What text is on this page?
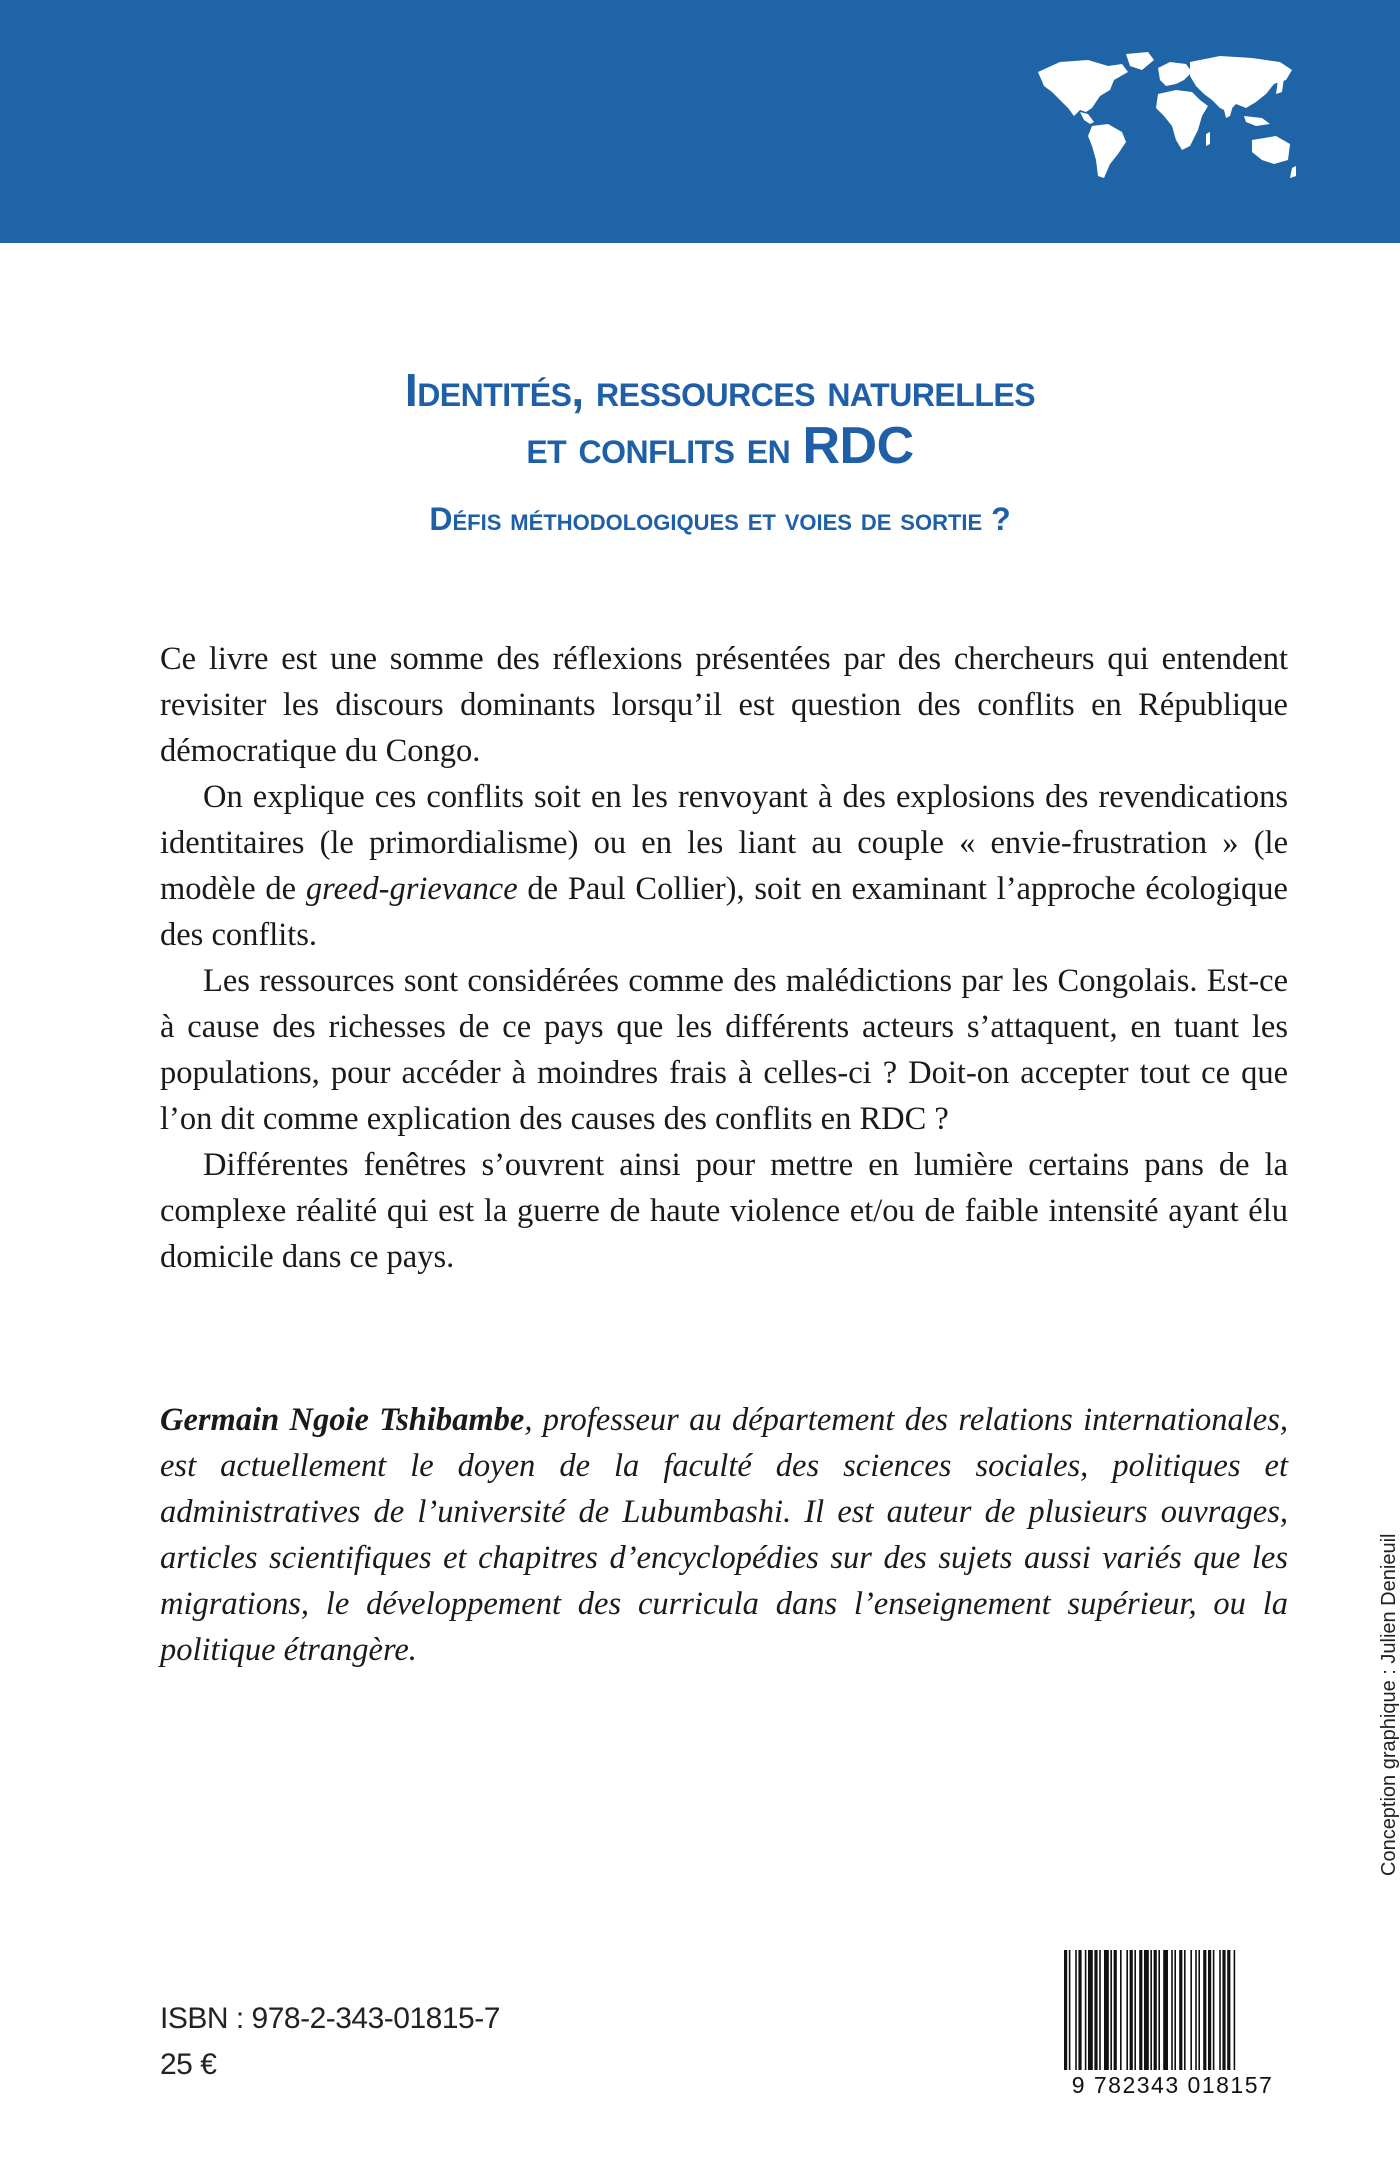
Identités, ressources naturelles
et conflits en RDC
Défis méthodologiques et voies de sortie ?

Ce livre est une somme des réflexions présentées par des chercheurs qui entendent revisiter les discours dominants lorsqu’il est question des conflits en République démocratique du Congo.

On explique ces conflits soit en les renvoyant à des explosions des revendications identitaires (le primordialisme) ou en les liant au couple « envie-frustration » (le modèle de greed-grievance de Paul Collier), soit en examinant l’approche écologique des conflits.

Les ressources sont considérées comme des malédictions par les Congolais. Est-ce à cause des richesses de ce pays que les différents acteurs s’attaquent, en tuant les populations, pour accéder à moindres frais à celles-ci ? Doit-on accepter tout ce que l’on dit comme explication des causes des conflits en RDC ?

Différentes fenêtres s’ouvrent ainsi pour mettre en lumière certains pans de la complexe réalité qui est la guerre de haute violence et/ou de faible intensité ayant élu domicile dans ce pays.

Germain Ngoie Tshibambe, professeur au département des relations internationales, est actuellement le doyen de la faculté des sciences sociales, politiques et administratives de l’université de Lubumbashi. Il est auteur de plusieurs ouvrages, articles scientifiques et chapitres d’encyclopédies sur des sujets aussi variés que les migrations, le développement des curricula dans l’enseignement supérieur, ou la politique étrangère.	Conception graphique : Julien Denieuil
ISBN : 978-2-343-01815-7
25 €
9 782343 018157
